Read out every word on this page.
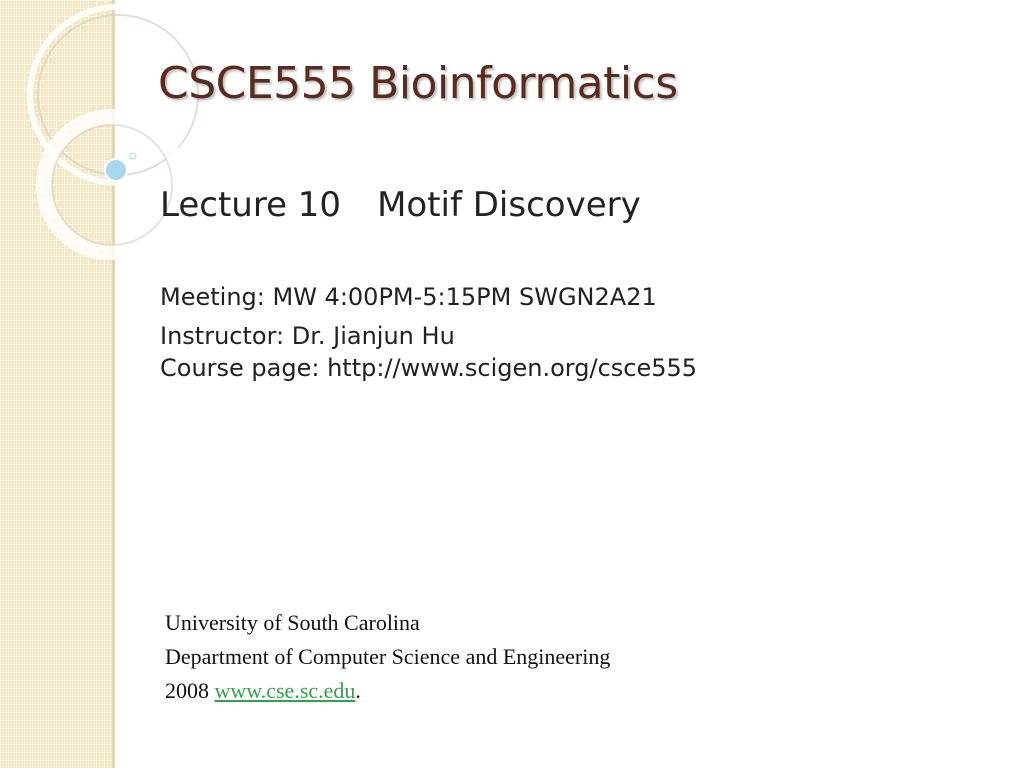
CSCE555 Bioinformatics
Lecture 10 Motif Discovery
Meeting: MW 4:00PM-5:15PM SWGN2A21
Instructor: Dr. Jianjun Hu
Course page: http://www.scigen.org/csce555
University of South Carolina
Department of Computer Science and Engineering
2008 www.cse.sc.edu.
